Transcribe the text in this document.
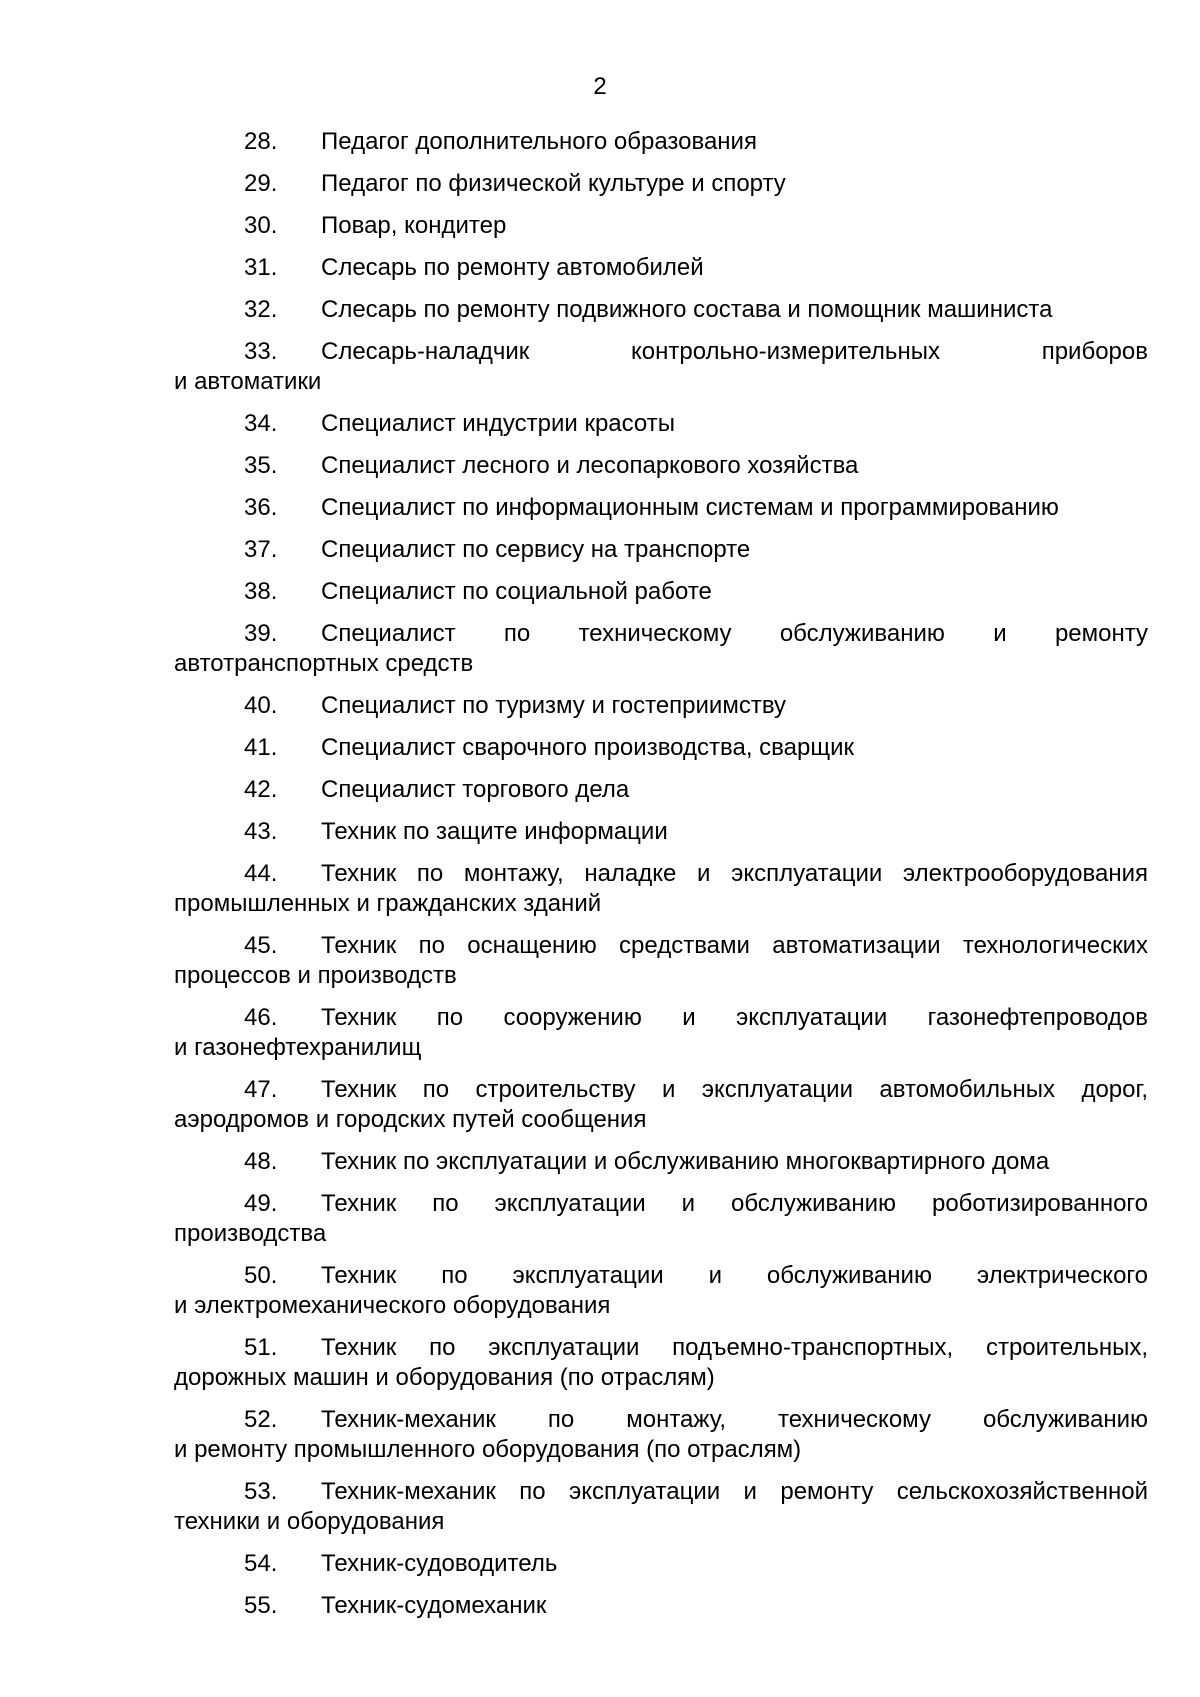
2
28. Педагог дополнительного образования
29. Педагог по физической культуре и спорту
30. Повар, кондитер
31. Слесарь по ремонту автомобилей
32. Слесарь по ремонту подвижного состава и помощник машиниста
33. Слесарь-наладчик контрольно-измерительных приборов
и автоматики
34. Специалист индустрии красоты
35. Специалист лесного и лесопаркового хозяйства
36. Специалист по информационным системам и программированию
37. Специалист по сервису на транспорте
38. Специалист по социальной работе
39. Специалист по техническому обслуживанию и ремонту
автотранспортных средств
40. Специалист по туризму и гостеприимству
41. Специалист сварочного производства, сварщик
42. Специалист торгового дела
43. Техник по защите информации
44. Техник по монтажу, наладке и эксплуатации электрооборудования
промышленных и гражданских зданий
45. Техник по оснащению средствами автоматизации технологических
процессов и производств
46. Техник по сооружению и эксплуатации газонефтепроводов
и газонефтехранилищ
47. Техник по строительству и эксплуатации автомобильных дорог,
аэродромов и городских путей сообщения
48. Техник по эксплуатации и обслуживанию многоквартирного дома
49. Техник по эксплуатации и обслуживанию роботизированного
производства
50. Техник по эксплуатации и обслуживанию электрического
и электромеханического оборудования
51. Техник по эксплуатации подъемно-транспортных, строительных,
дорожных машин и оборудования (по отраслям)
52. Техник-механик по монтажу, техническому обслуживанию
и ремонту промышленного оборудования (по отраслям)
53. Техник-механик по эксплуатации и ремонту сельскохозяйственной
техники и оборудования
54. Техник-судоводитель
55. Техник-судомеханик
